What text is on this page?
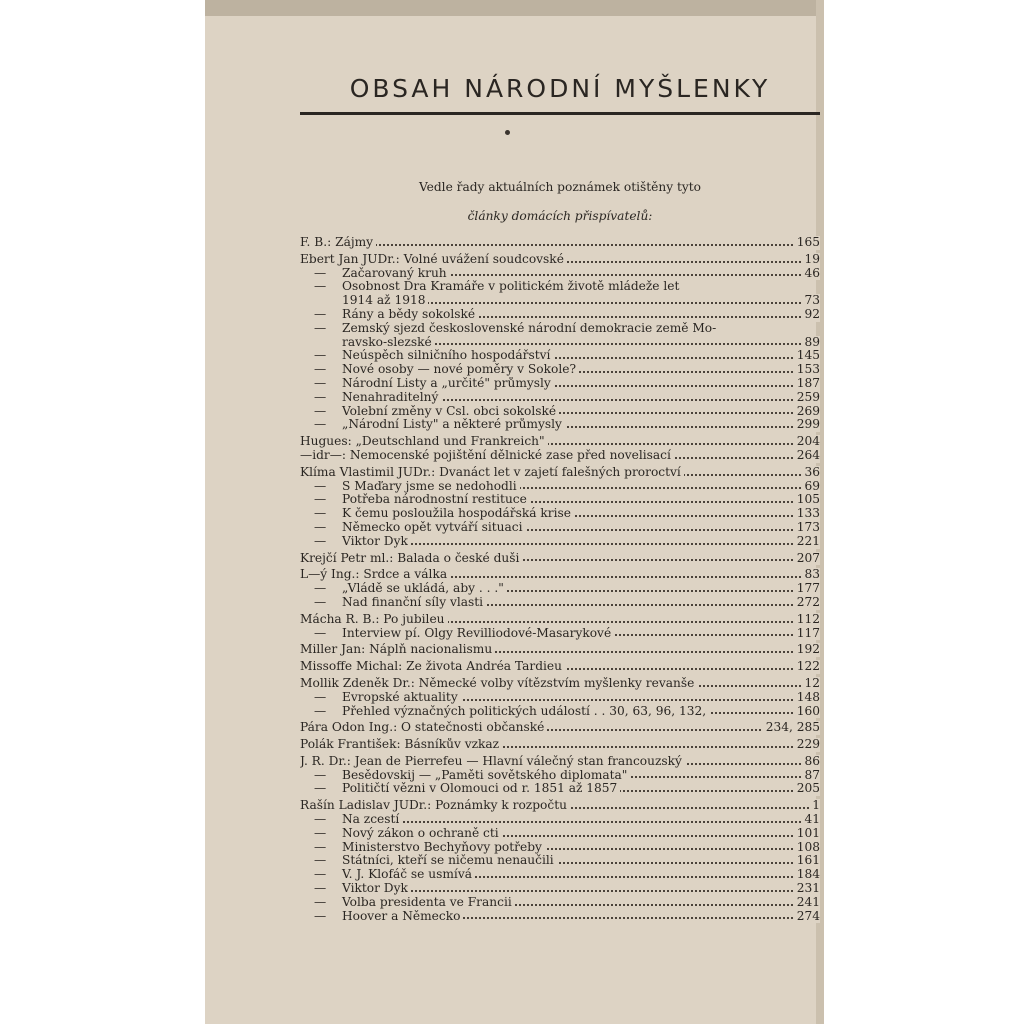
OBSAH NÁRODNÍ MYŠLENKY
Vedle řady aktuálních poznámek otištěny tyto
články domácích přispívatelů:
F. B.: Zájmy	165
Ebert Jan JUDr.: Volné uvážení soudcovské	19
— Začarovaný kruh	46
— Osobnost Dra Kramáře v politickém životě mládeže let
1914 až 1918	73
— Rány a bědy sokolské	92
— Zemský sjezd československé národní demokracie země Mo-
ravsko-slezské	89
— Neúspěch silničního hospodářství	145
— Nové osoby — nové poměry v Sokole?	153
— Národní Listy a „určité" průmysly	187
— Nenahraditelný	259
— Volební změny v Čsl. obci sokolské	269
— „Národní Listy" a některé průmysly	299
Hugues: „Deutschland und Frankreich"	204
—idr—: Nemocenské pojištění dělnické zase před novelisací	264
Klíma Vlastimil JUDr.: Dvanáct let v zajetí falešných proroctví	36
— S Maďary jsme se nedohodli	69
— Potřeba národnostní restituce	105
— K čemu posloužila hospodářská krise	133
— Německo opět vytváří situaci	173
— Viktor Dyk	221
Krejčí Petr ml.: Balada o české duši	207
L—ý Ing.: Srdce a válka	83
— „Vládě se ukládá, aby . . ."	177
— Nad finanční síly vlasti	272
Mácha R. B.: Po jubileu	112
— Interview pí. Olgy Revilliodové-Masarykové	117
Miller Jan: Náplň nacionalismu	192
Missoffe Michal: Ze života Andréa Tardieu	122
Mollik Zdeněk Dr.: Německé volby vítězstvím myšlenky revanše	12
— Evropské aktuality	148
— Přehled význačných politických událostí . . 30, 63, 96, 132,	160
Pára Odon Ing.: O statečnosti občanské	234, 285
Polák František: Básníkův vzkaz	229
J. R. Dr.: Jean de Pierrefeu — Hlavní válečný stan francouzský	86
— Besědovskij — „Paměti sovětského diplomata"	87
— Političtí vězni v Olomouci od r. 1851 až 1857	205
Rašín Ladislav JUDr.: Poznámky k rozpočtu	1
— Na zcestí	41
— Nový zákon o ochraně cti	101
— Ministerstvo Bechyňovy potřeby	108
— Státníci, kteří se ničemu nenaučili	161
— V. J. Klofáč se usmívá	184
— Viktor Dyk	231
— Volba presidenta ve Francii	241
— Hoover a Německo	274
